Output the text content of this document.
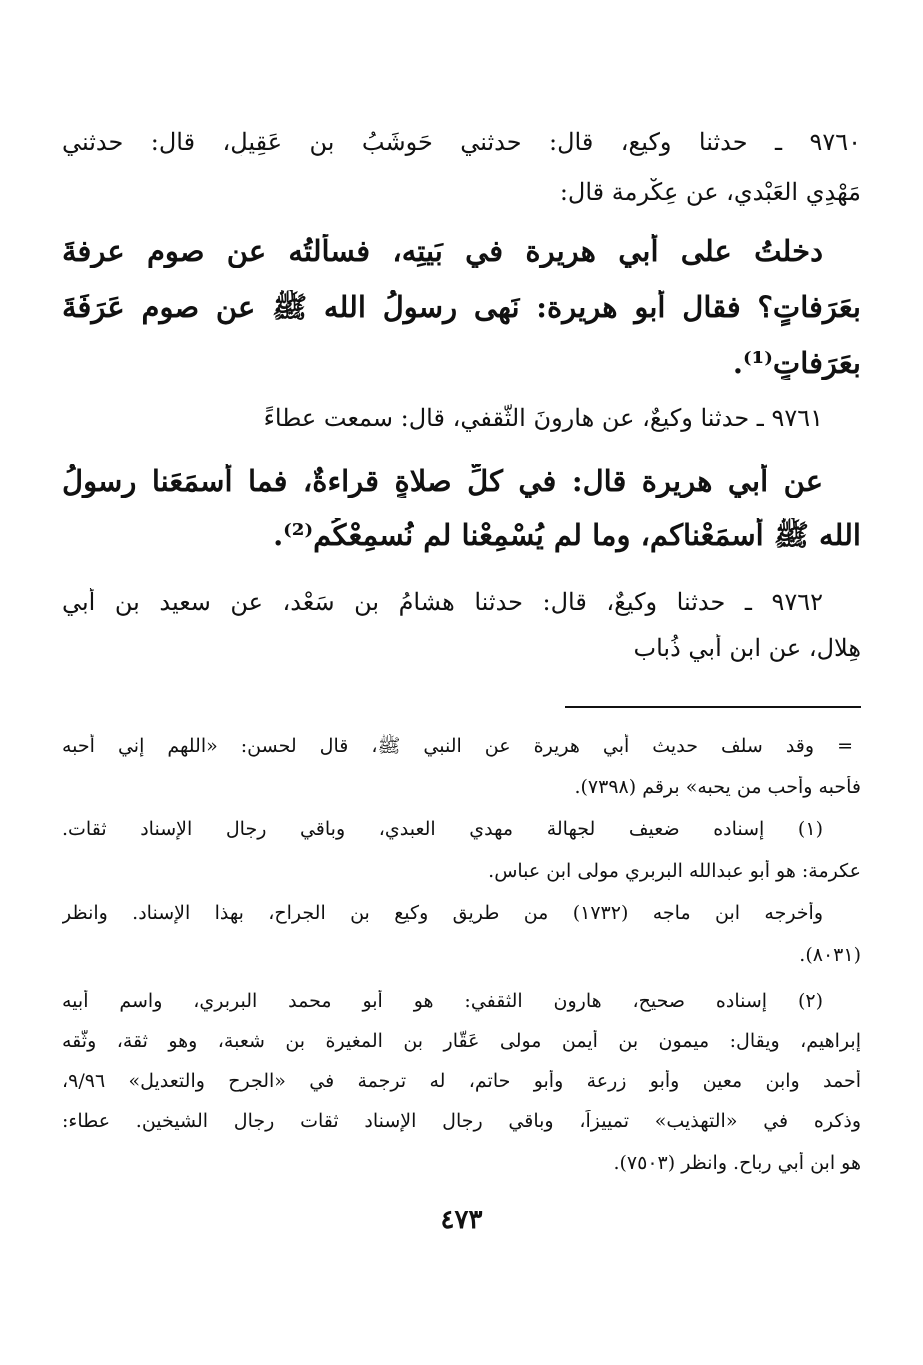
٩٧٦٠ ـ حدثنا وكيع، قال: حدثني حَوشَبُ بن عَقِيلٍ، قال: حدثني
مَهْدِي العَبْدي، عن عِكْرِمة قال:
دخلتُ على أبي هريرة في بَيتِه، فسألتُه عن صوم عرفةَ
بعَرَفاتٍ؟ فقال أبو هريرة: نَهى رسولُ الله ﷺ عن صوم عَرَفَةَ
بعَرَفاتٍ⁽¹⁾.
٩٧٦١ ـ حدثنا وكيعٌ، عن هارونَ الثَّقفي، قال: سمعت عطاءً
عن أبي هريرة قال: في كلِّ صلاةٍ قراءةٌ، فما أسمَعَنا رسولُ
الله ﷺ أسمَعْناكم، وما لم يُسْمِعْنا لم نُسمِعْكُم⁽²⁾.
٩٧٦٢ ـ حدثنا وكيعٌ، قال: حدثنا هشامُ بن سَعْد، عن سعيد بن أبي
هِلال، عن ابن أبي ذُباب
= وقد سلف حديث أبي هريرة عن النبي ﷺ، قال لحسن: «اللهم إني أُحبه
فأحبه وأحب من يحبه» برقم (٧٣٩٨).
(١) إسناده ضعيف لجهالة مهدي العبدي، وباقي رجال الإسناد ثقات.
عكرمة: هو أبو عبدالله البربري مولى ابن عباس.
وأخرجه ابن ماجه (١٧٣٢) من طريق وكيع بن الجراح، بهذا الإسناد. وانظر
(٨٠٣١).
(٢) إسناده صحيح، هارون الثقفي: هو أبو محمد البربري، واسم أبيه
إبراهيم، ويقال: ميمون بن أيمن مولى عَقّار بن المغيرة بن شعبة، وهو ثقة، وثَّقه
أحمد وابن معين وأبو زرعة وأبو حاتم، له ترجمة في «الجرح والتعديل» ٩/٩٦،
وذكره في «التهذيب» تمييزاً، وباقي رجال الإسناد ثقات رجال الشيخين. عطاء:
هو ابن أبي رباح. وانظر (٧٥٠٣).
٤٧٣
